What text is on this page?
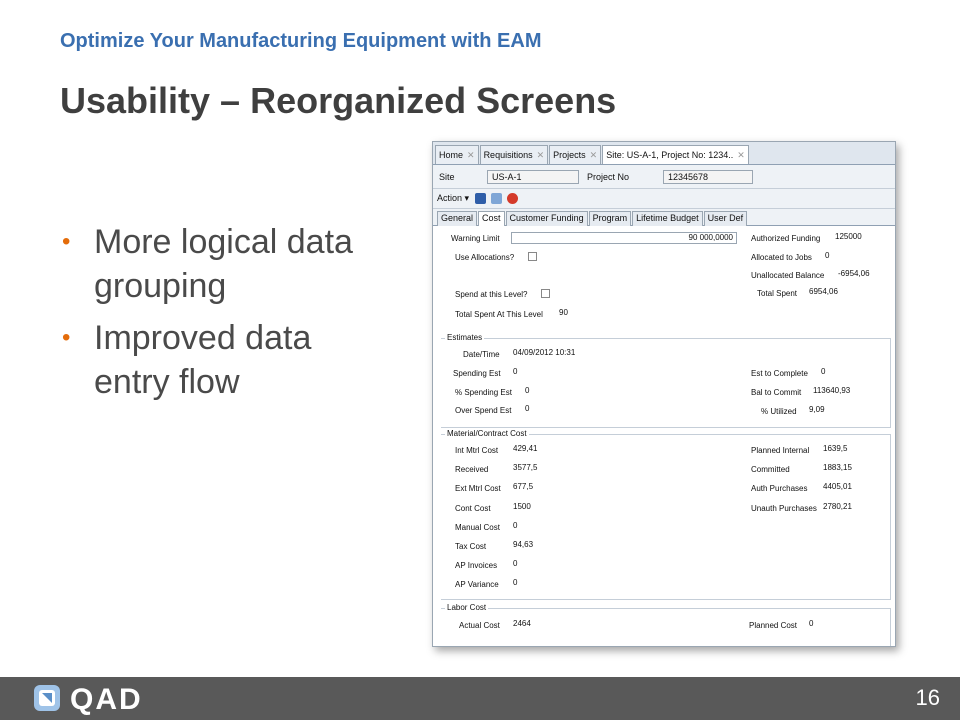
Optimize Your Manufacturing Equipment with EAM
Usability – Reorganized Screens
• More logical data grouping
• Improved data entry flow
Home ✕ Requisitions ✕ Projects ✕ Site: US-A-1, Project No: 1234.. ✕
Site	US-A-1	Project No	12345678
Action ▾
General	Cost	Customer Funding	Program	Lifetime Budget	User Def
Warning Limit	90 000,0000
Use Allocations?
Spend at this Level?
Total Spent At This Level 90
Authorized Funding 125000
Allocated to Jobs 0
Unallocated Balance -6954,06
Total Spent 6954,06
Estimates
Date/Time 04/09/2012 10:31
Spending Est 0
% Spending Est 0
Over Spend Est 0
Est to Complete 0
Bal to Commit 113640,93
% Utilized 9,09
Material/Contract Cost
Int Mtrl Cost 429,41
Received	3577,5
Ext Mtrl Cost 677,5
Cont Cost	1500
Manual Cost 0
Tax Cost	94,63
AP Invoices 0
AP Variance 0
Planned Internal 1639,5
Committed	1883,15
Auth Purchases 4405,01
Unauth Purchases 2780,21
Labor Cost
Actual Cost 2464	Planned Cost 0
QAD	16
